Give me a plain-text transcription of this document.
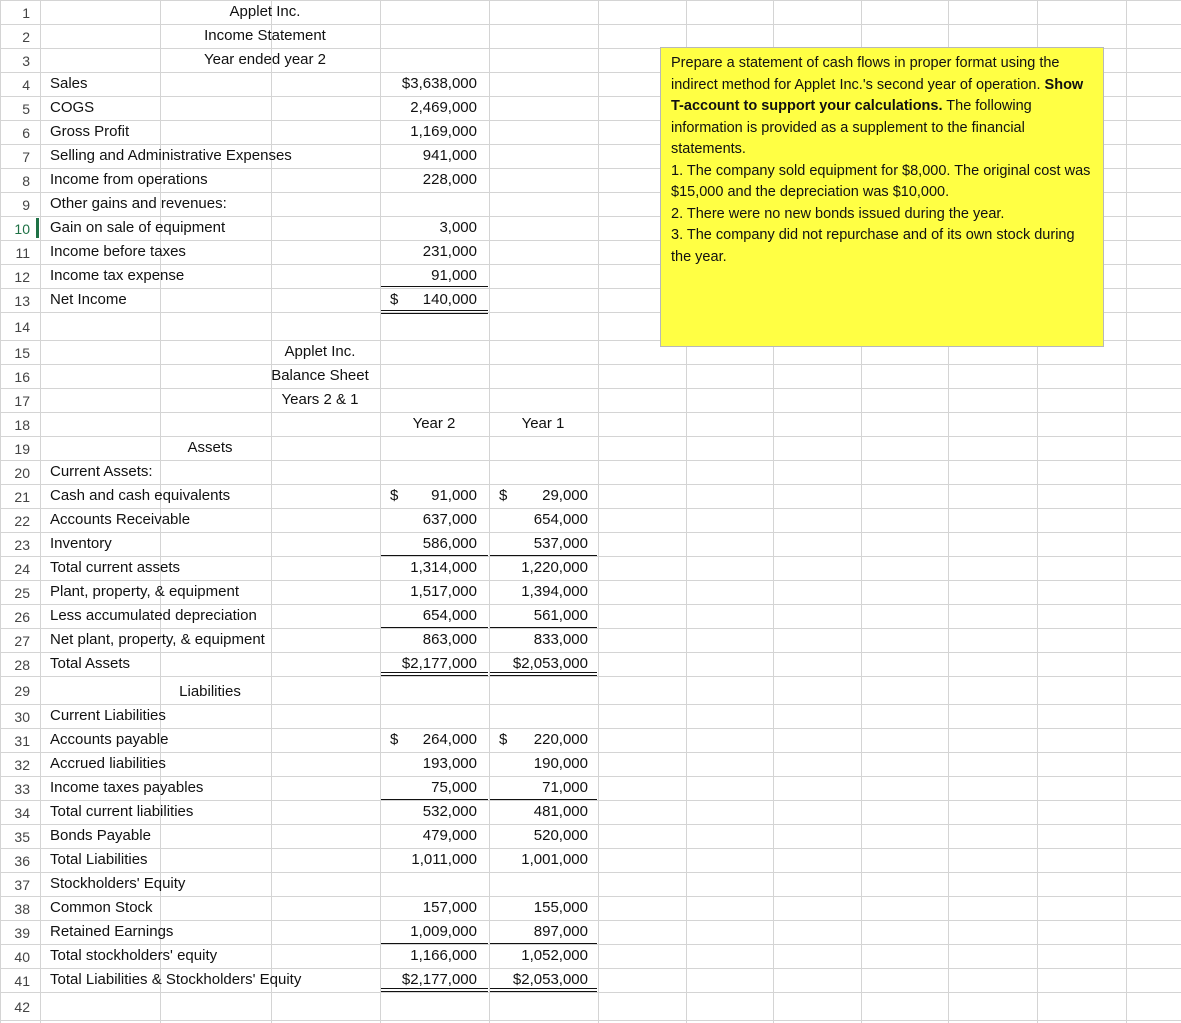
1
2
3
4
5
6
7
8
9
10
11
12
13
14
15
16
17
18
19
20
21
22
23
24
25
26
27
28
29
30
31
32
33
34
35
36
37
38
39
40
41
42
Applet Inc.
Income Statement
Year ended year 2
Sales	$3,638,000
COGS	2,469,000
Gross Profit	1,169,000
Selling and Administrative Expenses	941,000
Income from operations	228,000
Other gains and revenues:
Gain on sale of equipment	3,000
Income before taxes	231,000
Income tax expense	91,000
Net Income	$ 140,000
Applet Inc.
Balance Sheet
Years 2 & 1
Year 2	Year 1
Assets
Current Assets:
Cash and cash equivalents	$ 91,000 $ 29,000
Accounts Receivable	637,000	654,000
Inventory	586,000	537,000
Total current assets	1,314,000	1,220,000
Plant, property, & equipment	1,517,000	1,394,000
Less accumulated depreciation	654,000	561,000
Net plant, property, & equipment	863,000	833,000
Total Assets	$2,177,000	$2,053,000
Liabilities
Current Liabilities
Accounts payable	$ 264,000 $ 220,000
Accrued liabilities	193,000	190,000
Income taxes payables	75,000	71,000
Total current liabilities	532,000	481,000
Bonds Payable	479,000	520,000
Total Liabilities	1,011,000	1,001,000
Stockholders' Equity
Common Stock	157,000	155,000
Retained Earnings	1,009,000	897,000
Total stockholders' equity	1,166,000	1,052,000
Total Liabilities & Stockholders' Equity	$2,177,000	$2,053,000

Prepare a statement of cash flows in proper format using the indirect method for Applet Inc.'s second year of operation. Show T-account to support your calculations. The following information is provided as a supplement to the financial statements.

1. The company sold equipment for $8,000. The original cost was $15,000 and the depreciation was $10,000.

2. There were no new bonds issued during the year.

3. The company did not repurchase and of its own stock during the year.
